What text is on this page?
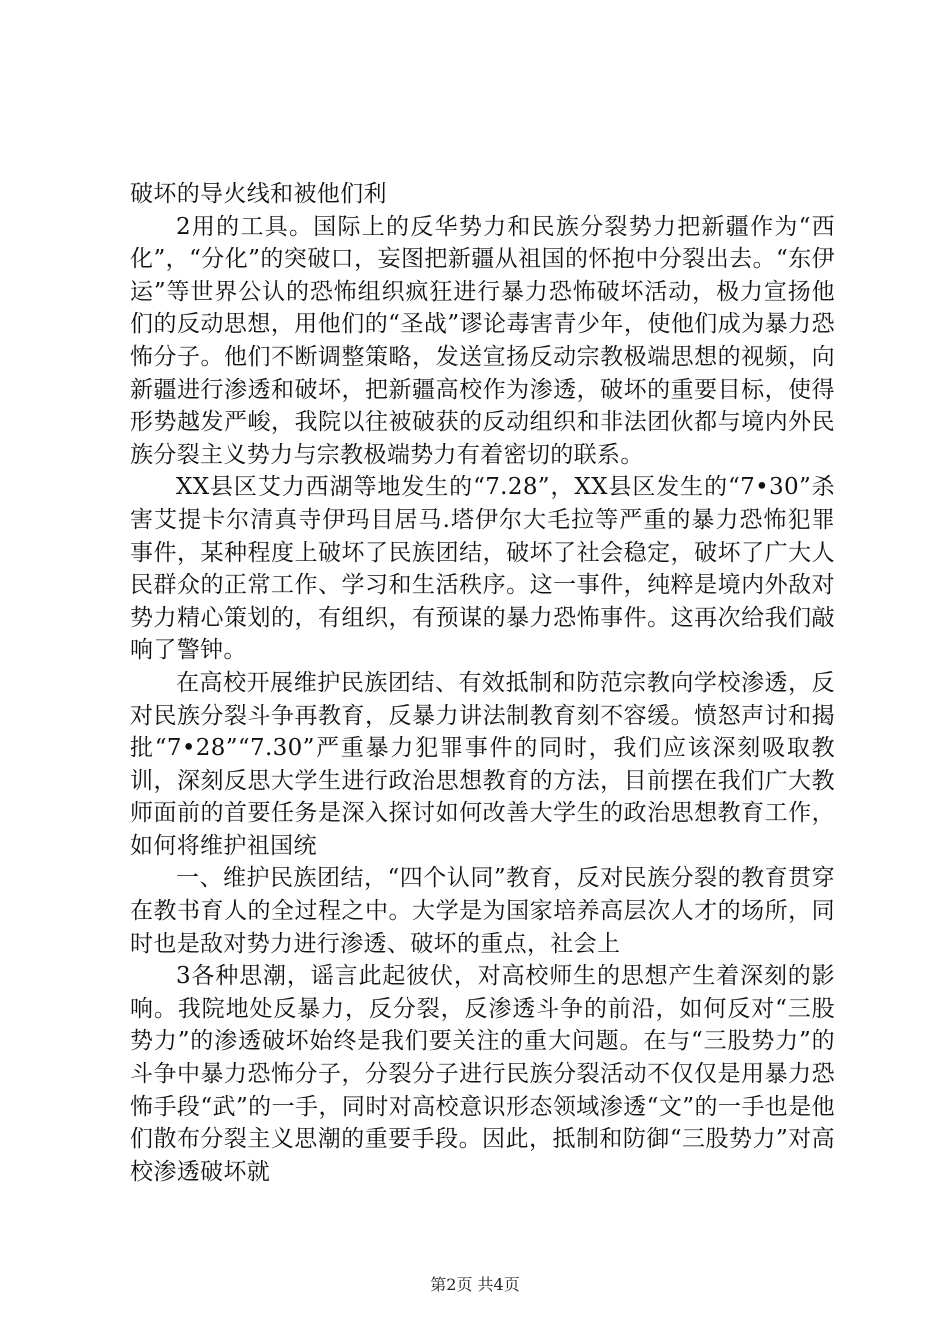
破坏的导火线和被他们利

2用的工具。国际上的反华势力和民族分裂势力把新疆作为“西化”，“分化”的突破口，妄图把新疆从祖国的怀抱中分裂出去。“东伊运”等世界公认的恐怖组织疯狂进行暴力恐怖破坏活动，极力宣扬他们的反动思想，用他们的“圣战”谬论毒害青少年，使他们成为暴力恐怖分子。他们不断调整策略，发送宣扬反动宗教极端思想的视频，向新疆进行渗透和破坏，把新疆高校作为渗透，破坏的重要目标，使得形势越发严峻，我院以往被破获的反动组织和非法团伙都与境内外民族分裂主义势力与宗教极端势力有着密切的联系。

XX县区艾力西湖等地发生的“7.28”，XX县区发生的“7•30”杀害艾提卡尔清真寺伊玛目居马.塔伊尔大毛拉等严重的暴力恐怖犯罪事件，某种程度上破坏了民族团结，破坏了社会稳定，破坏了广大人民群众的正常工作、学习和生活秩序。这一事件，纯粹是境内外敌对势力精心策划的，有组织，有预谋的暴力恐怖事件。这再次给我们敲响了警钟。

在高校开展维护民族团结、有效抵制和防范宗教向学校渗透，反对民族分裂斗争再教育，反暴力讲法制教育刻不容缓。愤怒声讨和揭批“7•28”“7.30”严重暴力犯罪事件的同时，我们应该深刻吸取教训，深刻反思大学生进行政治思想教育的方法，目前摆在我们广大教师面前的首要任务是深入探讨如何改善大学生的政治思想教育工作，如何将维护祖国统

一、维护民族团结，“四个认同”教育，反对民族分裂的教育贯穿在教书育人的全过程之中。大学是为国家培养高层次人才的场所，同时也是敌对势力进行渗透、破坏的重点，社会上

3各种思潮，谣言此起彼伏，对高校师生的思想产生着深刻的影响。我院地处反暴力，反分裂，反渗透斗争的前沿，如何反对“三股势力”的渗透破坏始终是我们要关注的重大问题。在与“三股势力”的斗争中暴力恐怖分子，分裂分子进行民族分裂活动不仅仅是用暴力恐怖手段“武”的一手，同时对高校意识形态领域渗透“文”的一手也是他们散布分裂主义思潮的重要手段。因此，抵制和防御“三股势力”对高校渗透破坏就

第2页 共4页
